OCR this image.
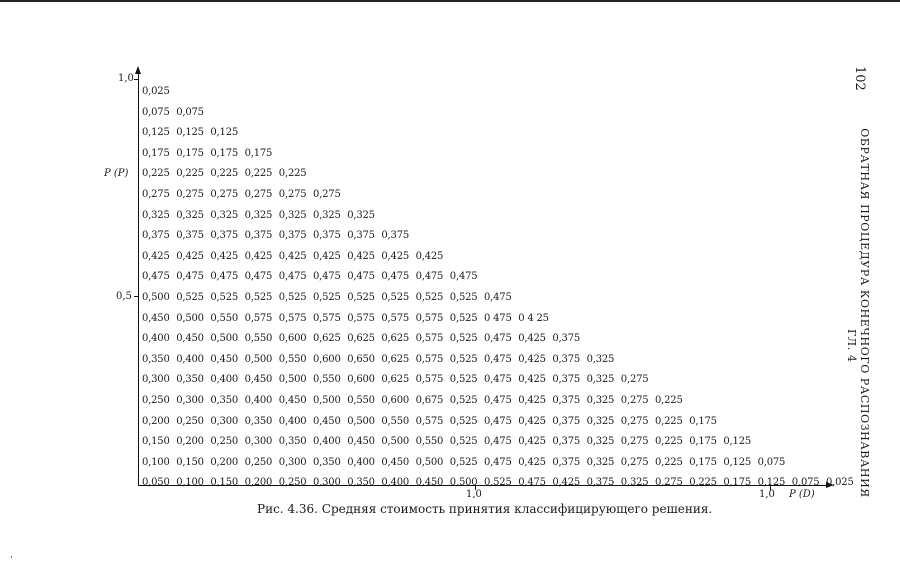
1,0
0,5
P (P)
1,0	1,0 P (D)
0,025
0,075 0,075
0,125 0,125 0,125
0,175 0,175 0,175 0,175
0,225 0,225 0,225 0,225 0,225
0,275 0,275 0,275 0,275 0,275 0,275
0,325 0,325 0,325 0,325 0,325 0,325 0,325
0,375 0,375 0,375 0,375 0,375 0,375 0,375 0,375
0,425 0,425 0,425 0,425 0,425 0,425 0,425 0,425 0,425
0,475 0,475 0,475 0,475 0,475 0,475 0,475 0,475 0,475 0,475
0,500 0,525 0,525 0,525 0,525 0,525 0,525 0,525 0,525 0,525 0,475
0,450 0,500 0,550 0,575 0,575 0,575 0,575 0,575 0,575 0,525 0 475 0 4 25
0,400 0,450 0,500 0,550 0,600 0,625 0,625 0,625 0,575 0,525 0,475 0,425 0,375
0,350 0,400 0,450 0,500 0,550 0,600 0,650 0,625 0,575 0,525 0,475 0,425 0,375 0,325
0,300 0,350 0,400 0,450 0,500 0,550 0,600 0,625 0,575 0,525 0,475 0,425 0,375 0,325 0,275
0,250 0,300 0,350 0,400 0,450 0,500 0,550 0,600 0,675 0,525 0,475 0,425 0,375 0,325 0,275 0,225
0,200 0,250 0,300 0,350 0,400 0,450 0,500 0,550 0,575 0,525 0,475 0,425 0,375 0,325 0,275 0,225 0,175
0,150 0,200 0,250 0,300 0,350 0,400 0,450 0,500 0,550 0,525 0,475 0,425 0,375 0,325 0,275 0,225 0,175 0,125
0,100 0,150 0,200 0,250 0,300 0,350 0,400 0,450 0,500 0,525 0,475 0,425 0,375 0,325 0,275 0,225 0,175 0,125 0,075
0,050 0,100 0,150 0,200 0,250 0,300 0,350 0,400 0,450 0,500 0,525 0,475 0,425 0,375 0,325 0,275 0,225 0,175 0,125 0,075 0,025
Рис. 4.36. Средняя стоимость принятия классифицирующего решения.
102
ОБРАТНАЯ ПРОЦЕДУРА КОНЕЧНОГО РАСПОЗНАВАНИЯ                 ГЛ. 4
